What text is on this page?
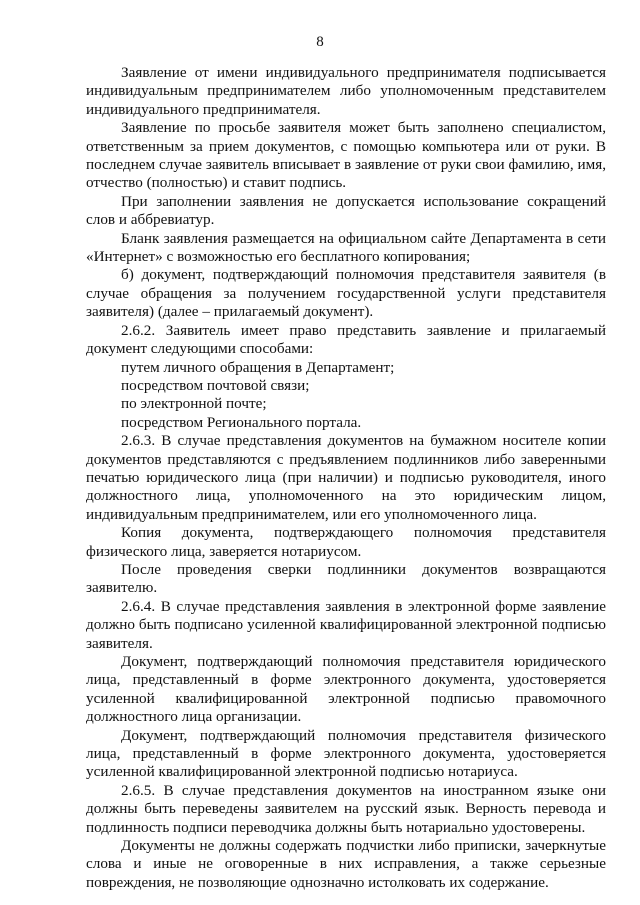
8

Заявление от имени индивидуального предпринимателя подписывается индивидуальным предпринимателем либо уполномоченным представителем индивидуального предпринимателя.

Заявление по просьбе заявителя может быть заполнено специалистом, ответственным за прием документов, с помощью компьютера или от руки. В последнем случае заявитель вписывает в заявление от руки свои фамилию, имя, отчество (полностью) и ставит подпись.

При заполнении заявления не допускается использование сокращений слов и аббревиатур.

Бланк заявления размещается на официальном сайте Департамента в сети «Интернет» с возможностью его бесплатного копирования;

б) документ, подтверждающий полномочия представителя заявителя (в случае обращения за получением государственной услуги представителя заявителя) (далее – прилагаемый документ).

2.6.2. Заявитель имеет право представить заявление и прилагаемый документ следующими способами:

путем личного обращения в Департамент;

посредством почтовой связи;

по электронной почте;

посредством Регионального портала.

2.6.3. В случае представления документов на бумажном носителе копии документов представляются с предъявлением подлинников либо заверенными печатью юридического лица (при наличии) и подписью руководителя, иного должностного лица, уполномоченного на это юридическим лицом, индивидуальным предпринимателем, или его уполномоченного лица.

Копия документа, подтверждающего полномочия представителя физического лица, заверяется нотариусом.

После проведения сверки подлинники документов возвращаются заявителю.

2.6.4. В случае представления заявления в электронной форме заявление должно быть подписано усиленной квалифицированной электронной подписью заявителя.

Документ, подтверждающий полномочия представителя юридического лица, представленный в форме электронного документа, удостоверяется усиленной квалифицированной электронной подписью правомочного должностного лица организации.

Документ, подтверждающий полномочия представителя физического лица, представленный в форме электронного документа, удостоверяется усиленной квалифицированной электронной подписью нотариуса.

2.6.5. В случае представления документов на иностранном языке они должны быть переведены заявителем на русский язык. Верность перевода и подлинность подписи переводчика должны быть нотариально удостоверены.

Документы не должны содержать подчистки либо приписки, зачеркнутые слова и иные не оговоренные в них исправления, а также серьезные повреждения, не позволяющие однозначно истолковать их содержание.
